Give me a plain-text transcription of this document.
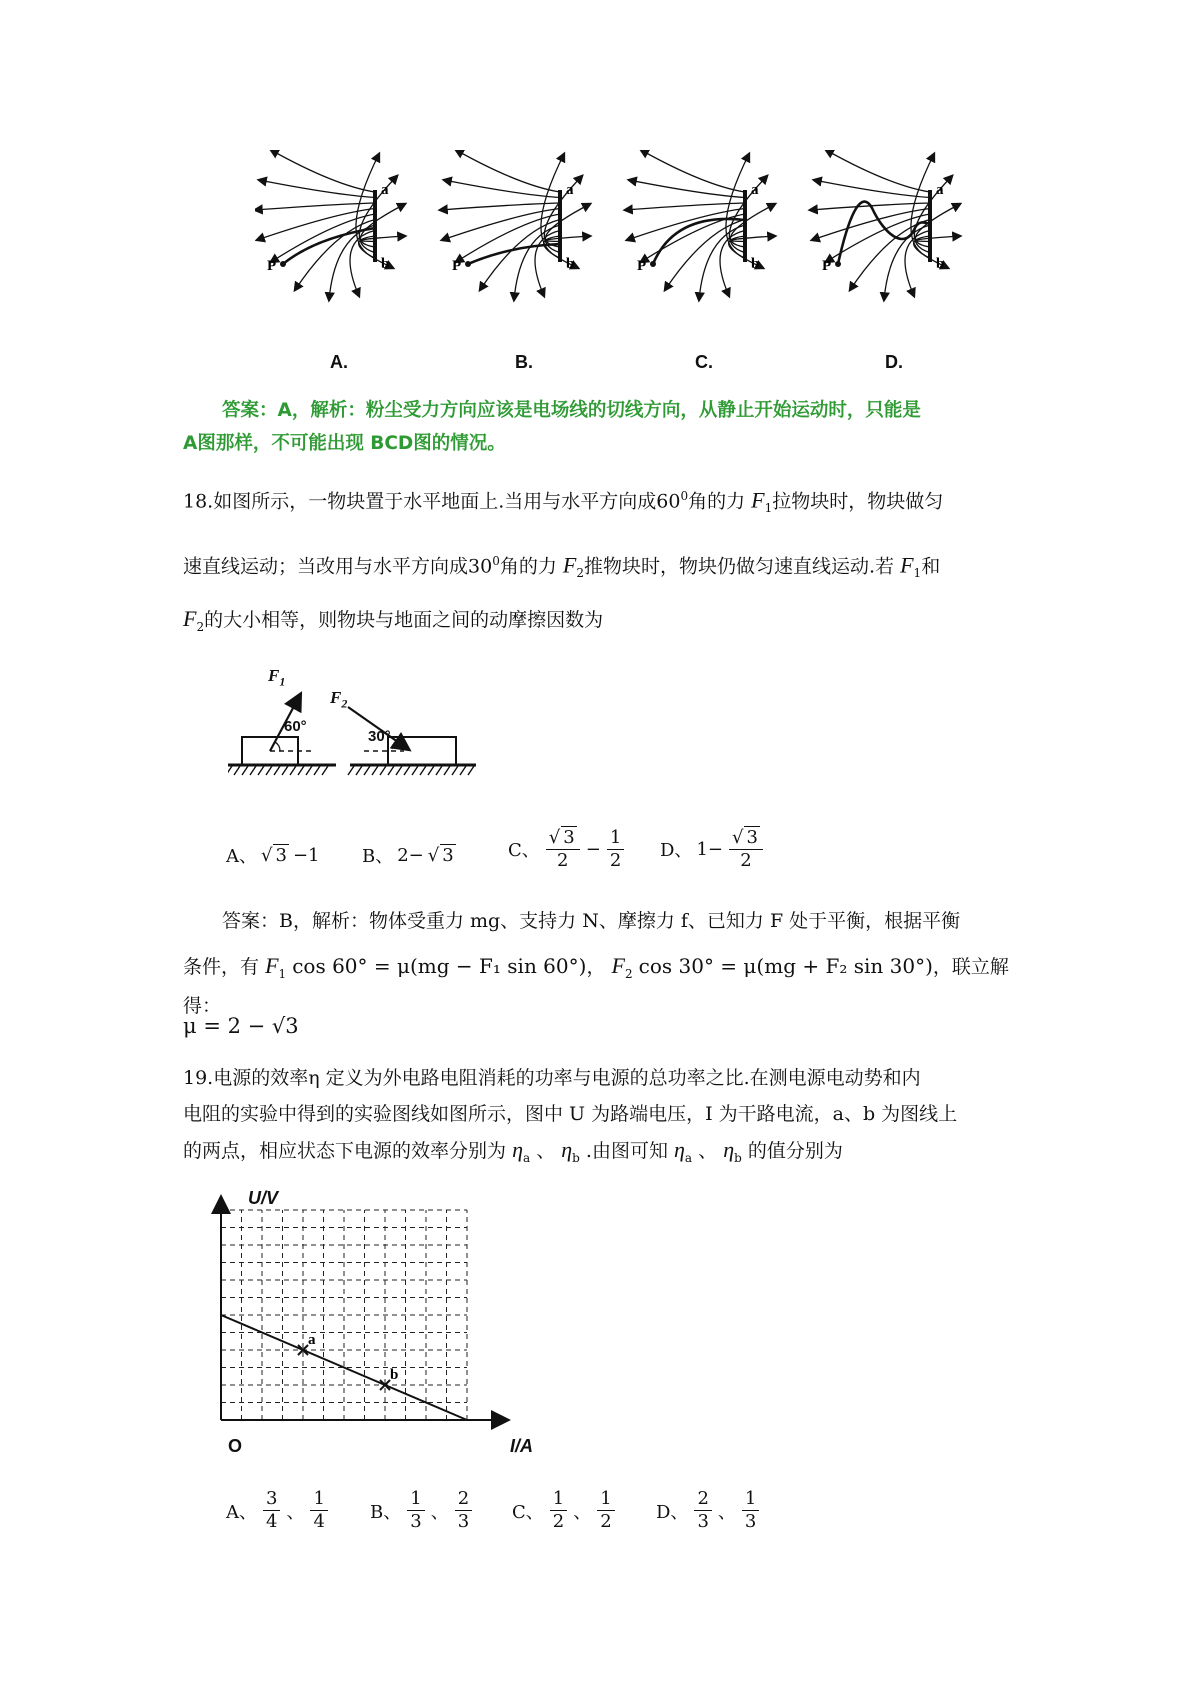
P
a
b	P
a
b	P
a
b	P
a
b
A.	B.	C.	D.
答案：A，解析：粉尘受力方向应该是电场线的切线方向，从静止开始运动时，只能是
A图那样，不可能出现 BCD图的情况。
18.如图所示，一物块置于水平地面上.当用与水平方向成$60^0$角的力 $F_1$拉物块时，物块做匀
速直线运动；当改用与水平方向成$30^0$角的力 $F_2$推物块时，物块仍做匀速直线运动.若 $F_1$和
$F_2$的大小相等，则物块与地面之间的动摩擦因数为
$F_1$
$F_2$
60°
30°
A、 √ 3 −1 B、 2− √ 3	C、 $\frac{√ 3}{2} - \frac{1}{2}$ D、 $1- \frac{√ 3}{2}$
答案：B，解析：物体受重力 mg、支持力 N、摩擦力 f、已知力 F 处于平衡，根据平衡
条件，有 $F_1$ cos 60° = μ(mg − F₁ sin 60°)， $F_2$ cos 30° = μ(mg + F₂ sin 30°)，联立解得：
μ = 2 − √3
19.电源的效率η 定义为外电路电阻消耗的功率与电源的总功率之比.在测电源电动势和内
电阻的实验中得到的实验图线如图所示，图中 U 为路端电压，I 为干路电流，a、b 为图线上
的两点，相应状态下电源的效率分别为 $\eta_a$ 、 $\eta_b$ .由图可知 $\eta_a$ 、 $\eta_b$ 的值分别为
a
b
U/V
I/A
O
A、 $\frac{3}{4}$ 、 $\frac{1}{4}$ B、 $\frac{1}{3}$ 、 $\frac{2}{3}$ C、 $\frac{1}{2}$ 、 $\frac{1}{2}$ D、 $\frac{2}{3}$ 、 $\frac{1}{3}$
